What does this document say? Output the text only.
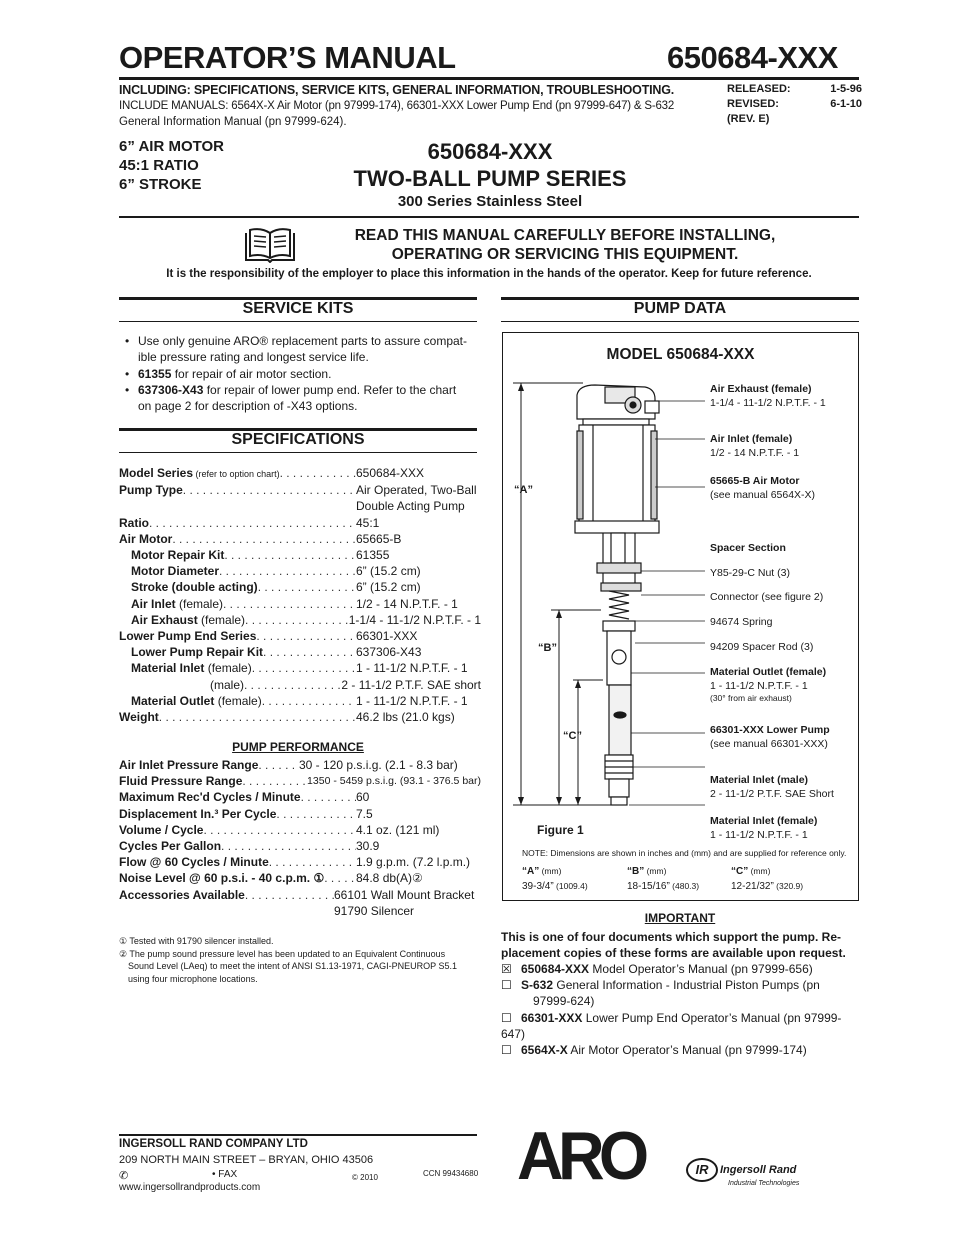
OPERATOR’S MANUAL	650684-XXX
INCLUDING: SPECIFICATIONS, SERVICE KITS, GENERAL INFORMATION, TROUBLESHOOTING.
INCLUDE MANUALS: 6564X-X Air Motor (pn 97999-174), 66301-XXX Lower Pump End (pn 97999-647) & S-632
General Information Manual (pn 97999-624).
RELEASED:	1-5-96
REVISED:	6-1-10
(REV. E)
6” AIR MOTOR
45:1 RATIO
6” STROKE
650684-XXX
TWO-BALL PUMP SERIES
300 Series Stainless Steel
READ THIS MANUAL CAREFULLY BEFORE INSTALLING,
OPERATING OR SERVICING THIS EQUIPMENT.
It is the responsibility of the employer to place this information in the hands of the operator. Keep for future reference.
SERVICE KITS
• Use only genuine ARO® replacement parts to assure compat-
ible pressure rating and longest service life.
• 61355 for repair of air motor section.
• 637306-X43 for repair of lower pump end. Refer to the chart
on page 2 for description of -X43 options.
SPECIFICATIONS
Model Series (refer to option chart) . . .	650684-XXX
Pump Type . . .	Air Operated, Two-Ball
Double Acting Pump
Ratio . . .	45:1
Air Motor . . .	65665-B
Motor Repair Kit . . .	61355
Motor Diameter . . .	6” (15.2 cm)
Stroke (double acting) . . .	6” (15.2 cm)
Air Inlet (female) . . .	1/2 - 14 N.P.T.F. - 1
Air Exhaust (female) . . .	1-1/4 - 11-1/2 N.P.T.F. - 1
Lower Pump End Series . . .	66301-XXX
Lower Pump Repair Kit . . .	637306-X43
Material Inlet (female) . . .	1 - 11-1/2 N.P.T.F. - 1
(male) . . .	2 - 11-1/2 P.T.F. SAE short
Material Outlet (female) . . .	1 - 11-1/2 N.P.T.F. - 1
Weight . . .	46.2 lbs (21.0 kgs)
PUMP PERFORMANCE
Air Inlet Pressure Range . . .	30 - 120 p.s.i.g. (2.1 - 8.3 bar)
Fluid Pressure Range . . .	1350 - 5459 p.s.i.g. (93.1 - 376.5 bar)
Maximum Rec'd Cycles / Minute . . .	60
Displacement In.³ Per Cycle . . .	7.5
Volume / Cycle . . .	4.1 oz. (121 ml)
Cycles Per Gallon . . .	30.9
Flow @ 60 Cycles / Minute . . .	1.9 g.p.m. (7.2 l.p.m.)
Noise Level @ 60 p.s.i. - 40 c.p.m. ① . . .	84.8 db(A)②
Accessories Available . . .	66101 Wall Mount Bracket
91790 Silencer
① Tested with 91790 silencer installed.
② The pump sound pressure level has been updated to an Equivalent Continuous
Sound Level (LAeq) to meet the intent of ANSI S1.13-1971, CAGI-PNEUROP S5.1
using four microphone locations.
PUMP DATA
MODEL 650684-XXX
“A”
“B”
“C”
Figure 1
Air Exhaust (female)
1-1/4 - 11-1/2 N.P.T.F. - 1
Air Inlet (female)
1/2 - 14 N.P.T.F. - 1
65665-B Air Motor
(see manual 6564X-X)
Spacer Section
Y85-29-C Nut (3)
Connector (see figure 2)
94674 Spring
94209 Spacer Rod (3)
Material Outlet (female)
1 - 11-1/2 N.P.T.F. - 1
(30° from air exhaust)
66301-XXX Lower Pump
(see manual 66301-XXX)
Material Inlet (male)
2 - 11-1/2 P.T.F. SAE Short
Material Inlet (female)
1 - 11-1/2 N.P.T.F. - 1
NOTE: Dimensions are shown in inches and (mm) and are supplied for reference only.
“A” (mm)
39-3/4” (1009.4)
“B” (mm)
18-15/16” (480.3)
“C” (mm)
12-21/32” (320.9)
IMPORTANT
This is one of four documents which support the pump. Re-
placement copies of these forms are available upon request.
☒ 650684-XXX Model Operator’s Manual (pn 97999-656)
☐ S-632 General Information - Industrial Piston Pumps (pn
97999-624)
☐ 66301-XXX Lower Pump End Operator’s Manual (pn 97999-647)
☐ 6564X-X Air Motor Operator’s Manual (pn 97999-174)
INGERSOLL RAND COMPANY LTD
209 NORTH MAIN STREET – BRYAN, OHIO 43506
✆	• FAX	© 2010	CCN 99434680
www.ingersollrandproducts.com	ARO	IR	Ingersoll Rand
Industrial Technologies
